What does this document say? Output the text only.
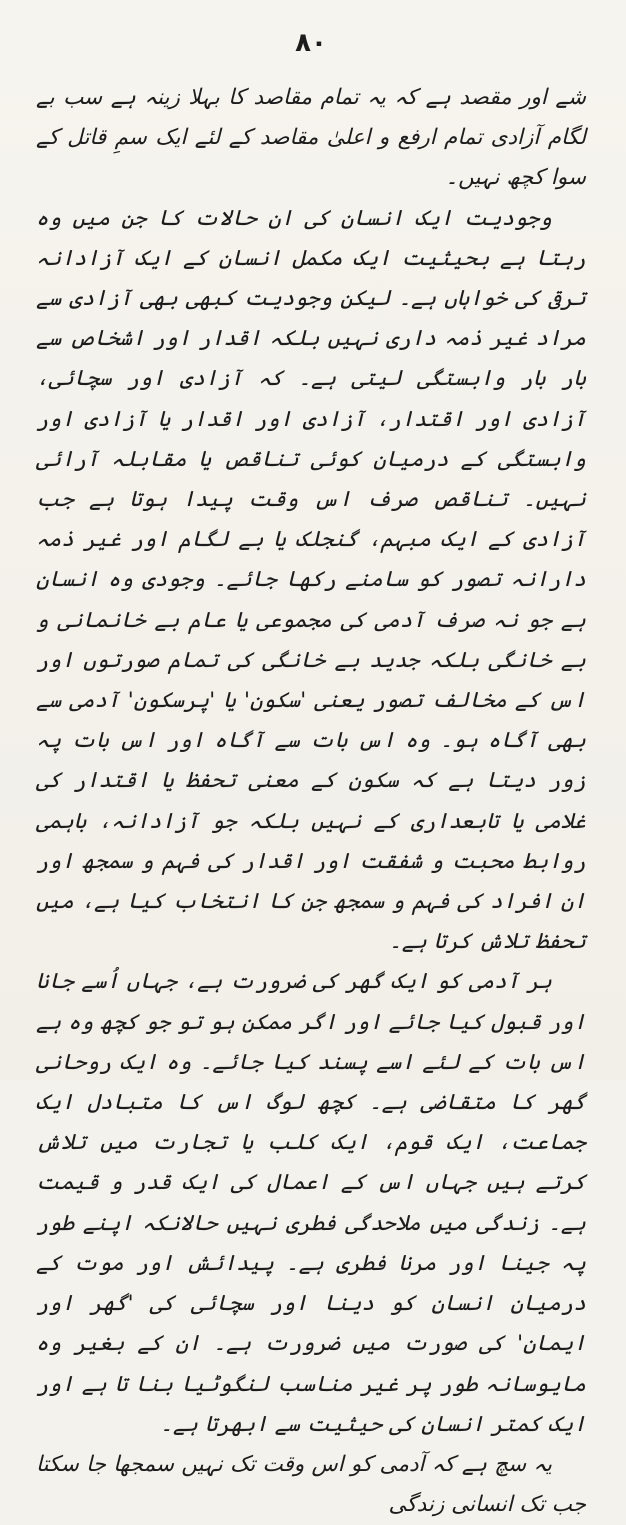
۸۰

شے اور مقصد ہے کہ یہ تمام مقاصد کا بہلا زینہ ہے سب بے لگام آزادی تمام ارفع و اعلیٰ مقاصد کے لئے ایک سمِ قاتل کے سوا کچھ نہیں۔

وجودیت ایک انسان کی ان حالات کا جن میں وہ رہتا ہے بحیثیت ایک مکمل انسان کے ایک آزادانہ ترقی کی خواہاں ہے۔ لیکن وجودیت کبھی بھی آزادی سے مراد غیر ذمہ داری نہیں بلکہ اقدار اور اشخاص سے بار بار وابستگی لیتی ہے۔ کہ آزادی اور سچائی، آزادی اور اقتدار، آزادی اور اقدار یا آزادی اور وابستگی کے درمیان کوئی تناقص یا مقابلہ آرائی نہیں۔ تناقص صرف اس وقت پیدا ہوتا ہے جب آزادی کے ایک مبہم، گنجلک یا بے لگام اور غیر ذمہ دارانہ تصور کو سامنے رکھا جائے۔ وجودی وہ انسان ہے جو نہ صرف آدمی کی مجموعی یا عام بے خانمانی و بے خانگی بلکہ جدید بے خانگی کی تمام صورتوں اور اس کے مخالف تصور یعنی 'سکون' یا 'پرسکون' آدمی سے بھی آگاہ ہو۔ وہ اس بات سے آگاہ اور اس بات پہ زور دیتا ہے کہ سکون کے معنی تحفظ یا اقتدار کی غلامی یا تابعداری کے نہیں بلکہ جو آزادانہ، باہمی روابط محبت و شفقت اور اقدار کی فہم و سمجھ اور ان افراد کی فہم و سمجھ جن کا انتخاب کیا ہے، میں تحفظ تلاش کرتا ہے۔

ہر آدمی کو ایک گھر کی ضرورت ہے، جہاں اُسے جانا اور قبول کیا جائے اور اگر ممکن ہو تو جو کچھ وہ ہے اس بات کے لئے اسے پسند کیا جائے۔ وہ ایک روحانی گھر کا متقاضی ہے۔ کچھ لوگ اس کا متبادل ایک جماعت، ایک قوم، ایک کلب یا تجارت میں تلاش کرتے ہیں جہاں اس کے اعمال کی ایک قدر و قیمت ہے۔ زندگی میں ملاحدگی فطری نہیں حالانکہ اپنے طور پہ جینا اور مرنا فطری ہے۔ پیدائش اور موت کے درمیان انسان کو دینا اور سچائی کی 'گھر اور ایمان' کی صورت میں ضرورت ہے۔ ان کے بغیر وہ مایوسانہ طور پر غیر مناسب لنگوٹیا بنا تا ہے اور ایک کمتر انسان کی حیثیت سے ابھرتا ہے۔

یہ سچ ہے کہ آدمی کو اس وقت تک نہیں سمجھا جا سکتا جب تک انسانی زندگی
